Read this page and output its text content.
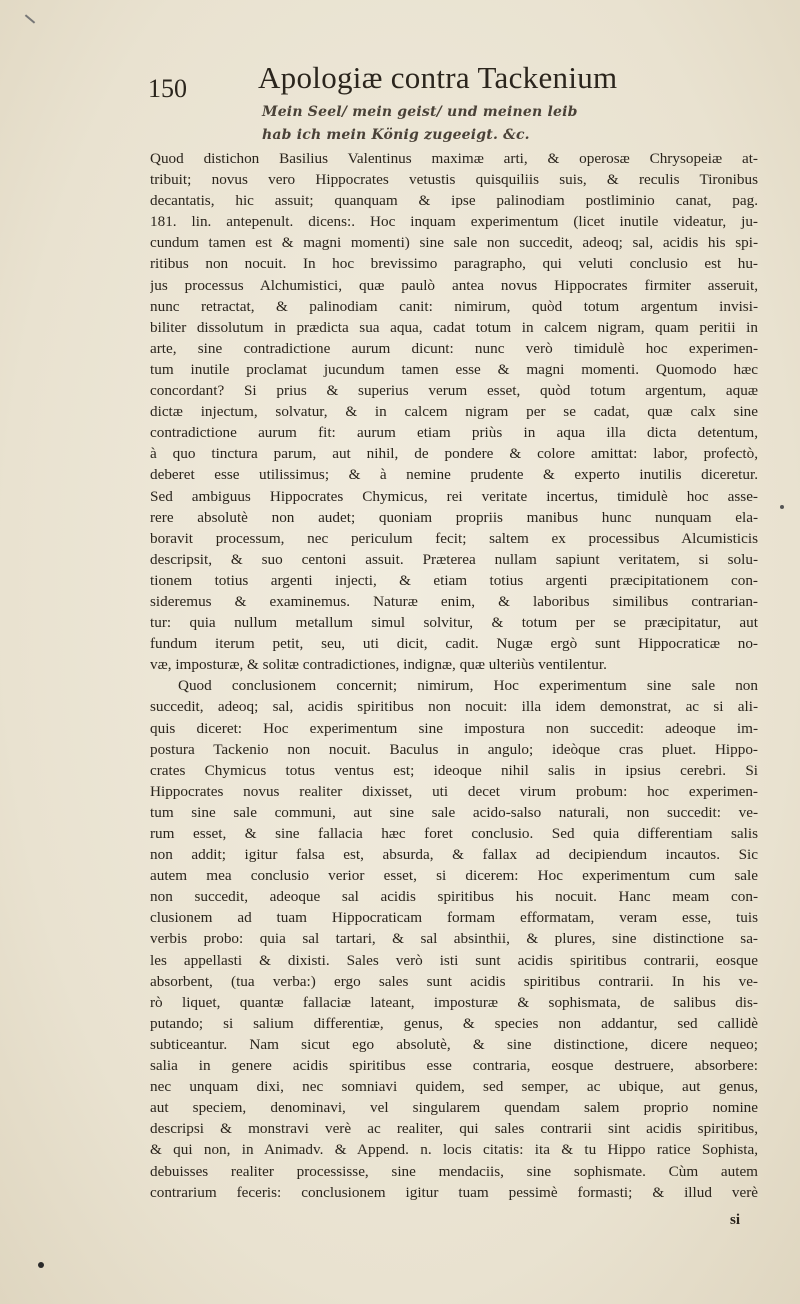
150 Apologiæ contra Tackenium
Mein Seel/ mein geist/ und meinen leib
hab ich mein König zugeeigt. &c.
Quod distichon Basilius Valentinus maximæ arti, & operosæ Chrysopeiæ at-
tribuit; novus vero Hippocrates vetustis quisquiliis suis, & reculis Tironibus
decantatis, hic assuit; quanquam & ipse palinodiam postliminio canat, pag.
181. lin. antepenult. dicens:. Hoc inquam experimentum (licet inutile videatur, ju-
cundum tamen est & magni momenti) sine sale non succedit, adeoq; sal, acidis his spi-
ritibus non nocuit. In hoc brevissimo paragrapho, qui veluti conclusio est hu-
jus processus Alchumistici, quæ paulò antea novus Hippocrates firmiter asseruit,
nunc retractat, & palinodiam canit: nimirum, quòd totum argentum invisi-
biliter dissolutum in prædicta sua aqua, cadat totum in calcem nigram, quam peritii in
arte, sine contradictione aurum dicunt: nunc verò timidulè hoc experimen-
tum inutile proclamat jucundum tamen esse & magni momenti. Quomodo hæc
concordant? Si prius & superius verum esset, quòd totum argentum, aquæ
dictæ injectum, solvatur, & in calcem nigram per se cadat, quæ calx sine
contradictione aurum fit: aurum etiam priùs in aqua illa dicta detentum,
à quo tinctura parum, aut nihil, de pondere & colore amittat: labor, profectò,
deberet esse utilissimus; & à nemine prudente & experto inutilis diceretur.
Sed ambiguus Hippocrates Chymicus, rei veritate incertus, timidulè hoc asse-
rere absolutè non audet; quoniam propriis manibus hunc nunquam ela-
boravit processum, nec periculum fecit; saltem ex processibus Alcumisticis
descripsit, & suo centoni assuit. Præterea nullam sapiunt veritatem, si solu-
tionem totius argenti injecti, & etiam totius argenti præcipitationem con-
sideremus & examinemus. Naturæ enim, & laboribus similibus contrarian-
tur: quia nullum metallum simul solvitur, & totum per se præcipitatur, aut
fundum iterum petit, seu, uti dicit, cadit. Nugæ ergò sunt Hippocraticæ no-
væ, imposturæ, & solitæ contradictiones, indignæ, quæ ulteriùs ventilentur.
Quod conclusionem concernit; nimirum, Hoc experimentum sine sale non
succedit, adeoq; sal, acidis spiritibus non nocuit: illa idem demonstrat, ac si ali-
quis diceret: Hoc experimentum sine impostura non succedit: adeoque im-
postura Tackenio non nocuit. Baculus in angulo; ideòque cras pluet. Hippo-
crates Chymicus totus ventus est; ideoque nihil salis in ipsius cerebri. Si
Hippocrates novus realiter dixisset, uti decet virum probum: hoc experimen-
tum sine sale communi, aut sine sale acido-salso naturali, non succedit: ve-
rum esset, & sine fallacia hæc foret conclusio. Sed quia differentiam salis
non addit; igitur falsa est, absurda, & fallax ad decipiendum incautos. Sic
autem mea conclusio verior esset, si dicerem: Hoc experimentum cum sale
non succedit, adeoque sal acidis spiritibus his nocuit. Hanc meam con-
clusionem ad tuam Hippocraticam formam efformatam, veram esse, tuis
verbis probo: quia sal tartari, & sal absinthii, & plures, sine distinctione sa-
les appellasti & dixisti. Sales verò isti sunt acidis spiritibus contrarii, eosque
absorbent, (tua verba:) ergo sales sunt acidis spiritibus contrarii. In his ve-
rò liquet, quantæ fallaciæ lateant, imposturæ & sophismata, de salibus dis-
putando; si salium differentiæ, genus, & species non addantur, sed callidè
subticeantur. Nam sicut ego absolutè, & sine distinctione, dicere nequeo;
salia in genere acidis spiritibus esse contraria, eosque destruere, absorbere:
nec unquam dixi, nec somniavi quidem, sed semper, ac ubique, aut genus,
aut speciem, denominavi, vel singularem quendam salem proprio nomine
descripsi & monstravi verè ac realiter, qui sales contrarii sint acidis spiritibus,
& qui non, in Animadv. & Append. n. locis citatis: ita & tu Hippo ratice Sophista,
debuisses realiter processisse, sine mendaciis, sine sophismate. Cùm autem
contrarium feceris: conclusionem igitur tuam pessimè formasti; & illud verè
si
